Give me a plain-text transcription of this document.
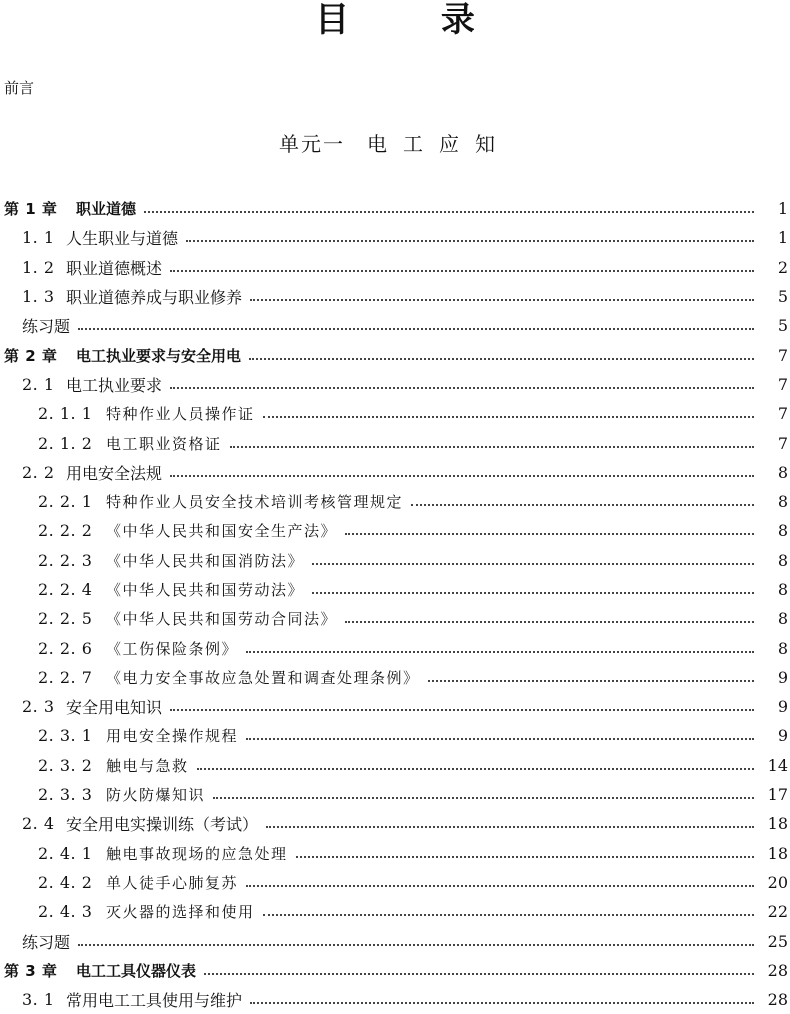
目 录
前言
单元一 电工应知
第 1 章	职业道德	1
1. 1 人生职业与道德	1
1. 2 职业道德概述	2
1. 3 职业道德养成与职业修养	5
练习题	5
第 2 章	电工执业要求与安全用电	7
2. 1 电工执业要求	7
2. 1. 1 特种作业人员操作证	7
2. 1. 2 电工职业资格证	7
2. 2 用电安全法规	8
2. 2. 1 特种作业人员安全技术培训考核管理规定	8
2. 2. 2 《中华人民共和国安全生产法》	8
2. 2. 3 《中华人民共和国消防法》	8
2. 2. 4 《中华人民共和国劳动法》	8
2. 2. 5 《中华人民共和国劳动合同法》	8
2. 2. 6 《工伤保险条例》	8
2. 2. 7 《电力安全事故应急处置和调查处理条例》	9
2. 3 安全用电知识	9
2. 3. 1 用电安全操作规程	9
2. 3. 2 触电与急救	14
2. 3. 3 防火防爆知识	17
2. 4 安全用电实操训练（考试）	18
2. 4. 1 触电事故现场的应急处理	18
2. 4. 2 单人徒手心肺复苏	20
2. 4. 3 灭火器的选择和使用	22
练习题	25
第 3 章	电工工具仪器仪表	28
3. 1 常用电工工具使用与维护	28
